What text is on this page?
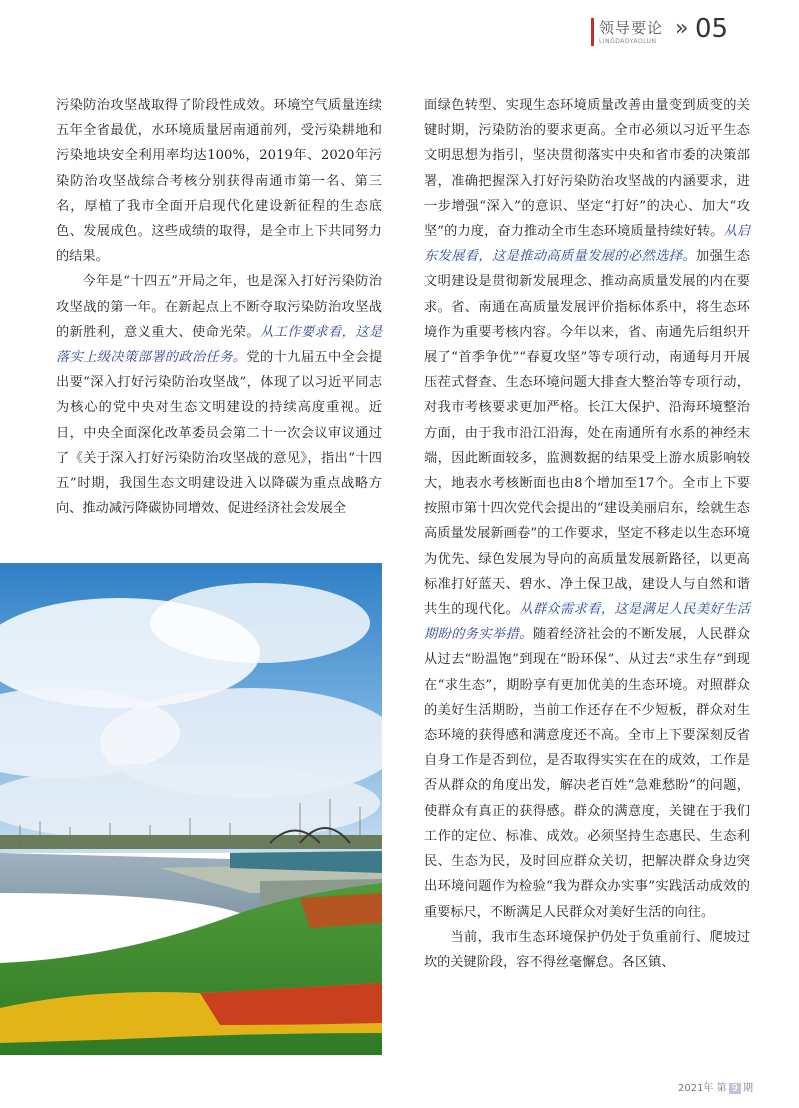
领导要论
LINGDAOYAOLUN
» 05

污染防治攻坚战取得了阶段性成效。环境空气质量连续五年全省最优，水环境质量居南通前列，受污染耕地和污染地块安全利用率均达100%，2019年、2020年污染防治攻坚战综合考核分别获得南通市第一名、第三名，厚植了我市全面开启现代化建设新征程的生态底色、发展成色。这些成绩的取得，是全市上下共同努力的结果。

今年是“十四五”开局之年，也是深入打好污染防治攻坚战的第一年。在新起点上不断夺取污染防治攻坚战的新胜利，意义重大、使命光荣。从工作要求看，这是落实上级决策部署的政治任务。党的十九届五中全会提出要“深入打好污染防治攻坚战”，体现了以习近平同志为核心的党中央对生态文明建设的持续高度重视。近日，中央全面深化改革委员会第二十一次会议审议通过了《关于深入打好污染防治攻坚战的意见》，指出“十四五”时期，我国生态文明建设进入以降碳为重点战略方向、推动减污降碳协同增效、促进经济社会发展全

面绿色转型、实现生态环境质量改善由量变到质变的关键时期，污染防治的要求更高。全市必须以习近平生态文明思想为指引，坚决贯彻落实中央和省市委的决策部署，准确把握深入打好污染防治攻坚战的内涵要求，进一步增强“深入”的意识、坚定“打好”的决心、加大“攻坚”的力度，奋力推动全市生态环境质量持续好转。从启东发展看，这是推动高质量发展的必然选择。加强生态文明建设是贯彻新发展理念、推动高质量发展的内在要求。省、南通在高质量发展评价指标体系中，将生态环境作为重要考核内容。今年以来，省、南通先后组织开展了“首季争优”“春夏攻坚”等专项行动，南通每月开展压茬式督查、生态环境问题大排查大整治等专项行动，对我市考核要求更加严格。长江大保护、沿海环境整治方面，由于我市沿江沿海，处在南通所有水系的神经末端，因此断面较多，监测数据的结果受上游水质影响较大，地表水考核断面也由8个增加至17个。全市上下要按照市第十四次党代会提出的“建设美丽启东，绘就生态高质量发展新画卷”的工作要求，坚定不移走以生态环境为优先、绿色发展为导向的高质量发展新路径，以更高标准打好蓝天、碧水、净土保卫战，建设人与自然和谐共生的现代化。从群众需求看，这是满足人民美好生活期盼的务实举措。随着经济社会的不断发展，人民群众从过去“盼温饱”到现在“盼环保”、从过去“求生存”到现在“求生态”，期盼享有更加优美的生态环境。对照群众的美好生活期盼，当前工作还存在不少短板，群众对生态环境的获得感和满意度还不高。全市上下要深刻反省自身工作是否到位，是否取得实实在在的成效，工作是否从群众的角度出发，解决老百姓“急难愁盼”的问题，使群众有真正的获得感。群众的满意度，关键在于我们工作的定位、标准、成效。必须坚持生态惠民、生态利民、生态为民，及时回应群众关切，把解决群众身边突出环境问题作为检验“我为群众办实事”实践活动成效的重要标尺，不断满足人民群众对美好生活的向往。

当前，我市生态环境保护仍处于负重前行、爬坡过坎的关键阶段，容不得丝毫懈怠。各区镇、

2021年 第 9 期
